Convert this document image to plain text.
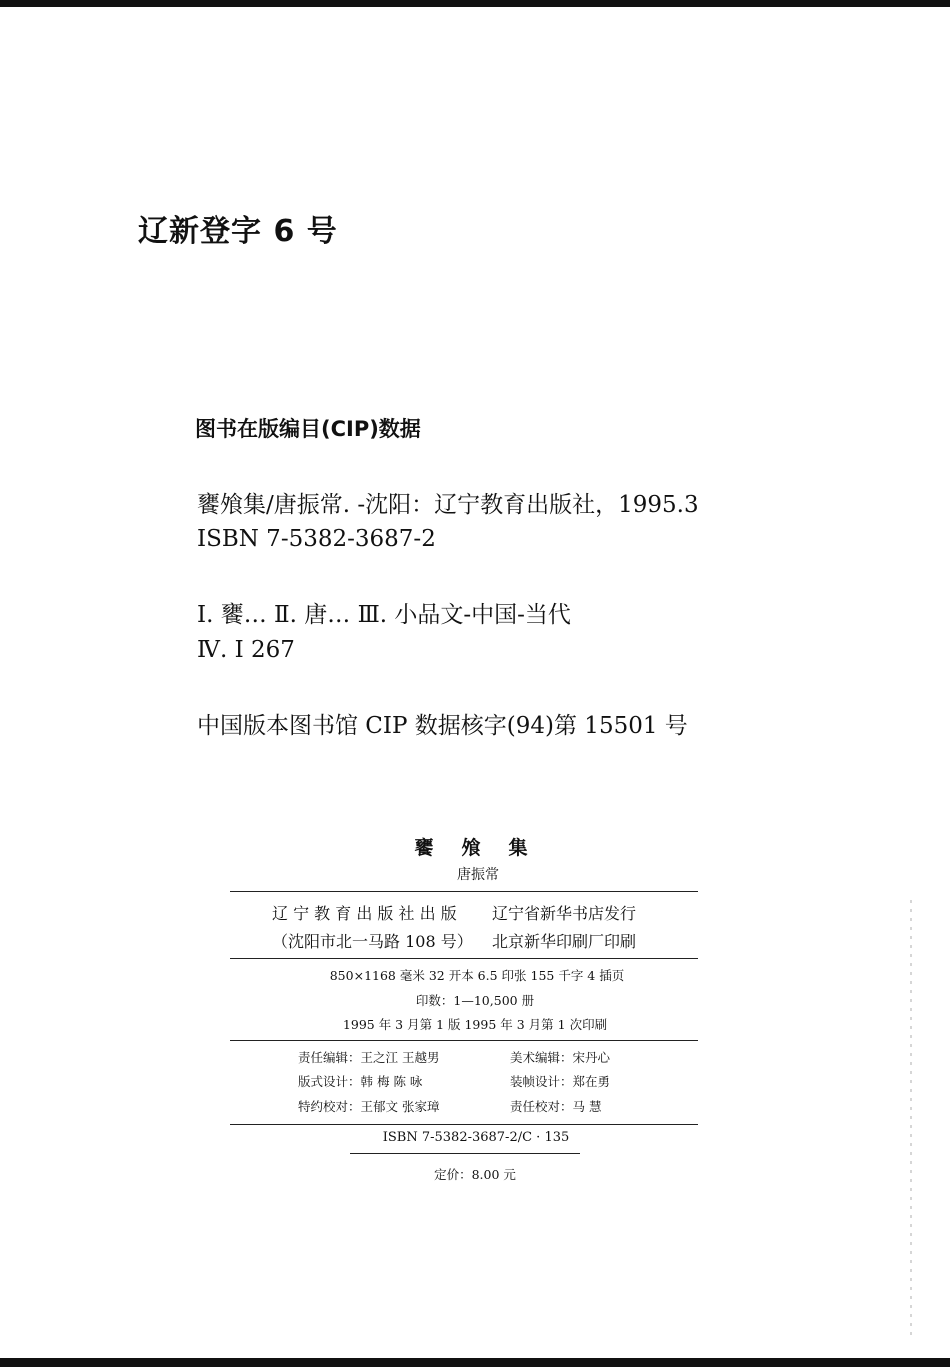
辽新登字 6 号
图书在版编目(CIP)数据
饔飧集/唐振常. -沈阳：辽宁教育出版社，1995.3
ISBN 7-5382-3687-2
Ⅰ. 饔… Ⅱ. 唐… Ⅲ. 小品文-中国-当代
Ⅳ. I 267
中国版本图书馆 CIP 数据核字(94)第 15501 号
饔飧集
唐振常
辽 宁 教 育 出 版 社 出 版 辽宁省新华书店发行
（沈阳市北一马路 108 号） 北京新华印刷厂印刷
850×1168 毫米 32 开本 6.5 印张 155 千字 4 插页
印数：1—10,500 册
1995 年 3 月第 1 版 1995 年 3 月第 1 次印刷
责任编辑：王之江 王越男
版式设计：韩 梅 陈 咏
特约校对：王郁文 张家璋
美术编辑：宋丹心
装帧设计：郑在勇
责任校对：马 慧
ISBN 7-5382-3687-2/C · 135
定价：8.00 元
